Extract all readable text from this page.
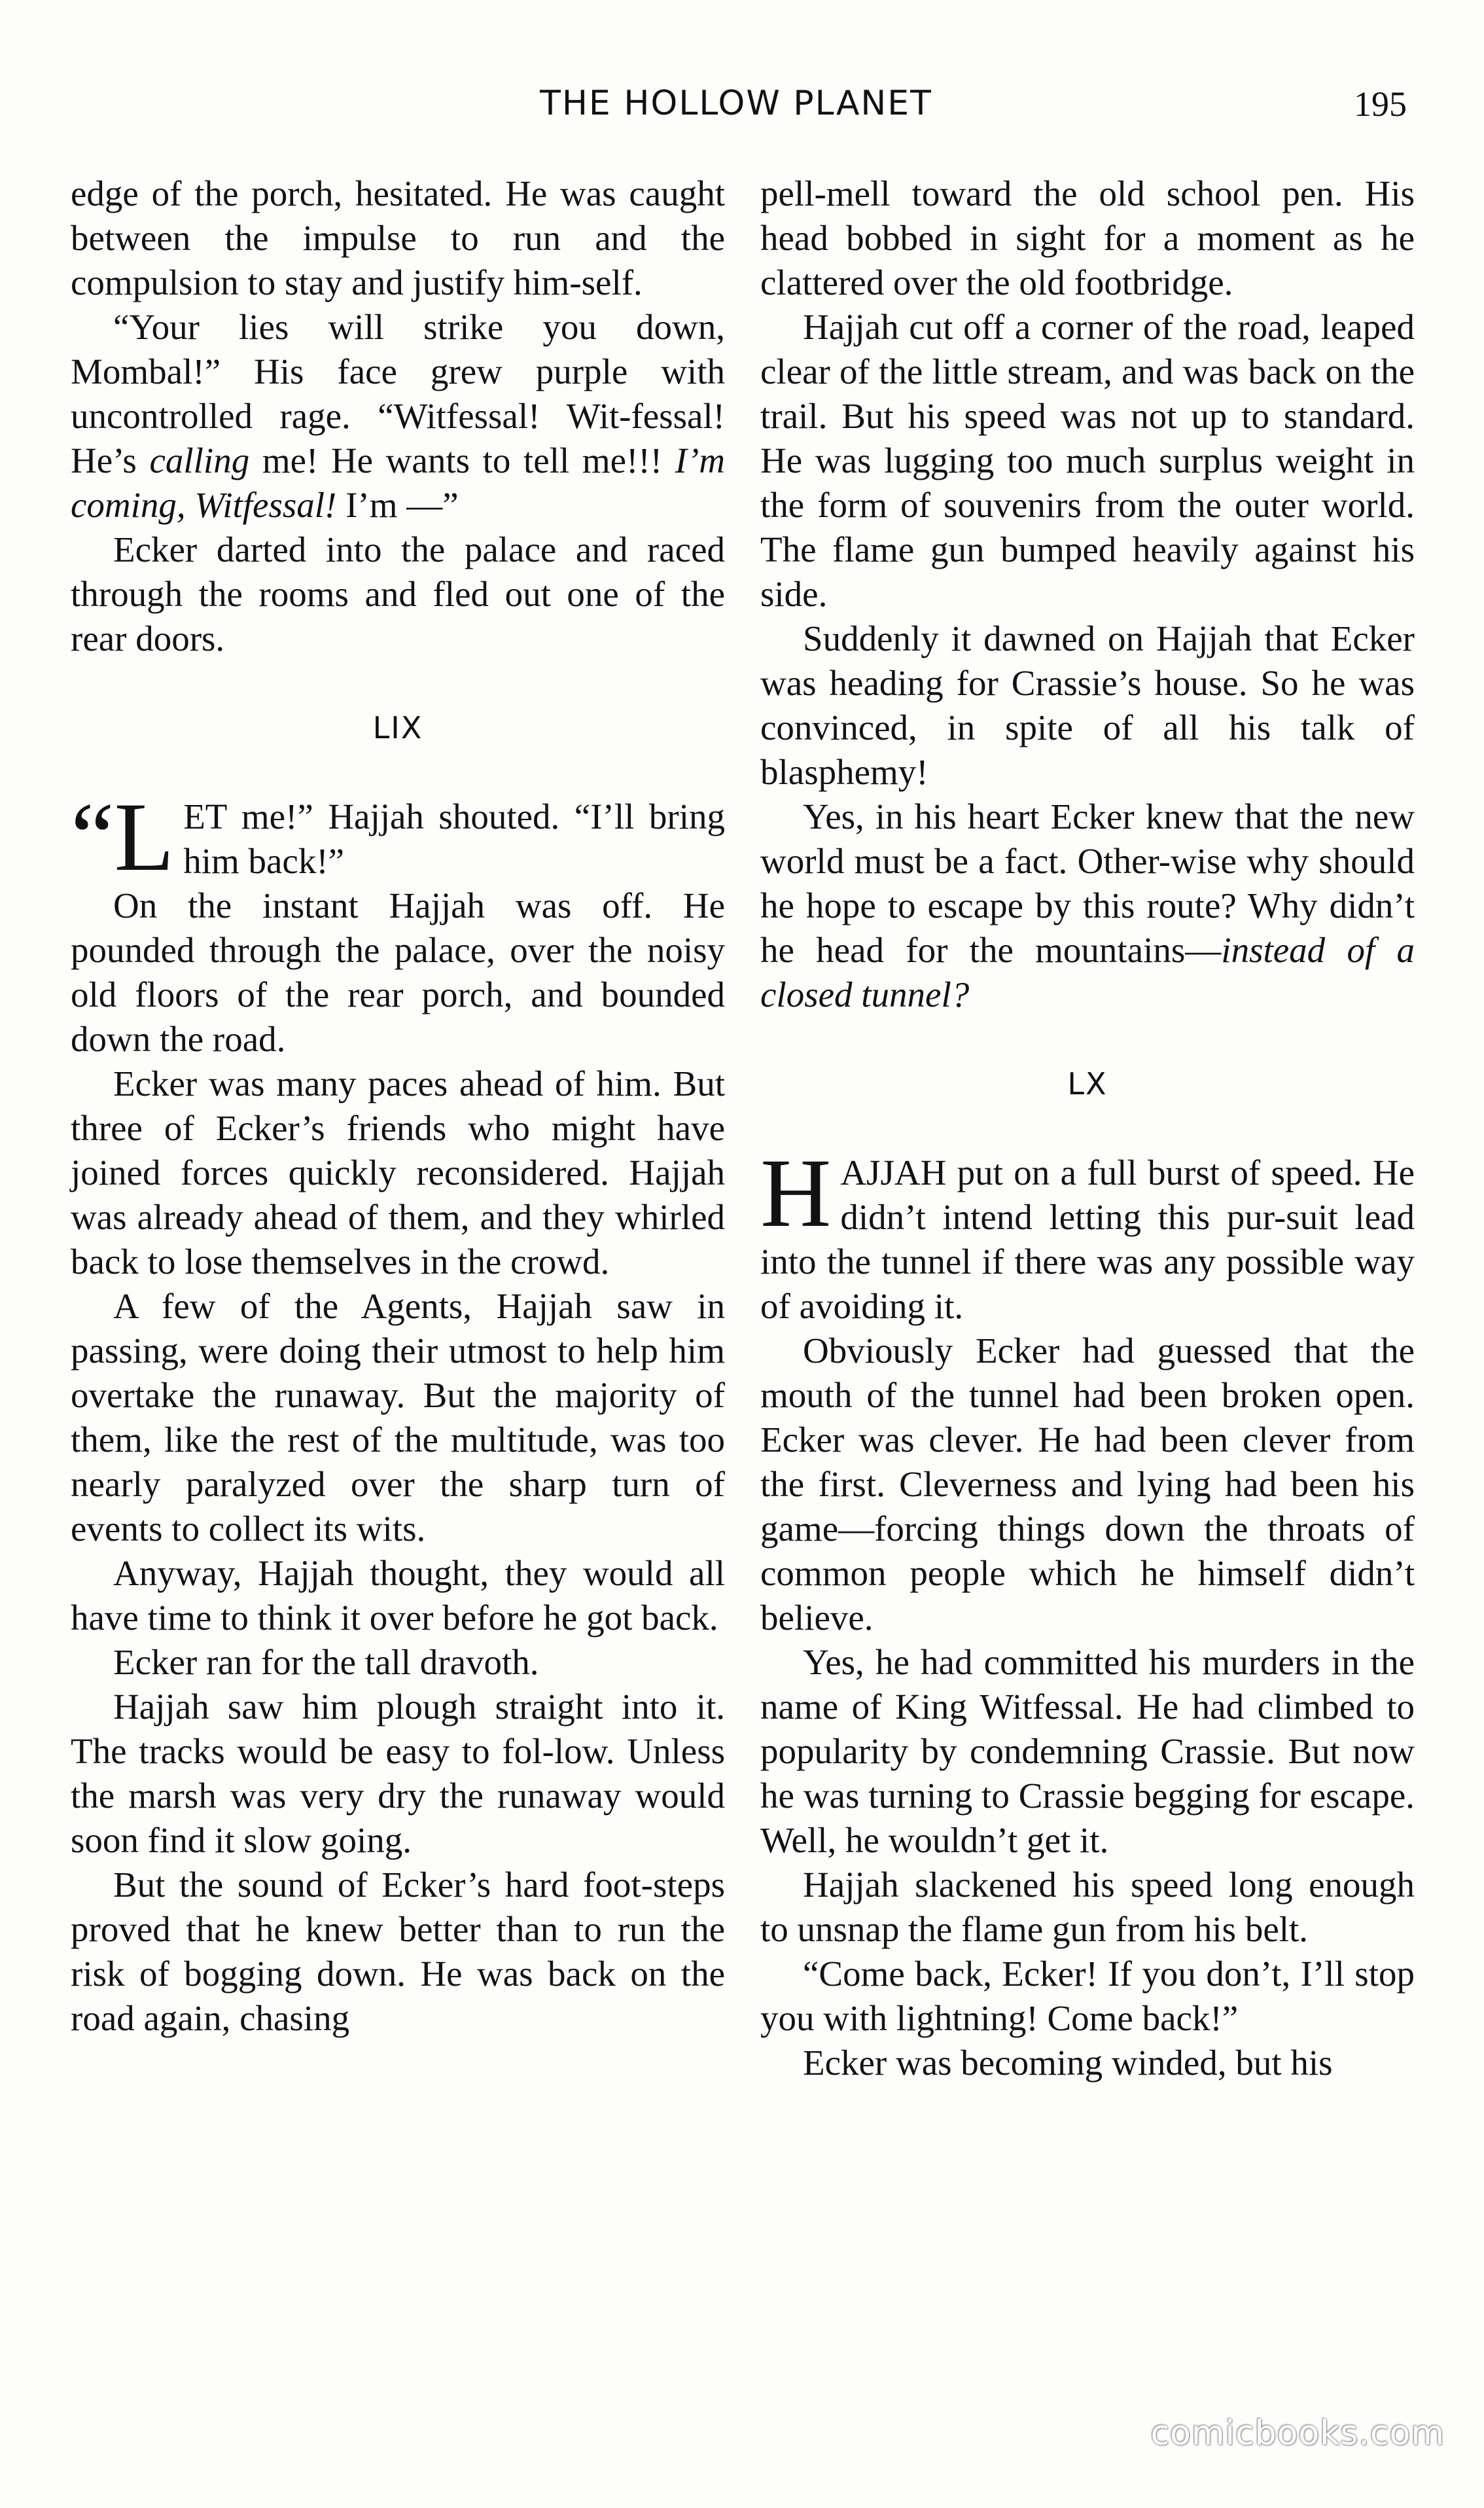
THE HOLLOW PLANET	195

edge of the porch, hesitated. He was caught between the impulse to run and the compulsion to stay and justify him-self.

“Your lies will strike you down, Mombal!” His face grew purple with uncontrolled rage. “Witfessal! Wit-fessal! He’s calling me! He wants to tell me!!! I’m coming, Witfessal! I’m —”

Ecker darted into the palace and raced through the rooms and fled out one of the rear doors.

LIX

“LET me!” Hajjah shouted. “I’ll bring him back!”

On the instant Hajjah was off. He pounded through the palace, over the noisy old floors of the rear porch, and bounded down the road.

Ecker was many paces ahead of him. But three of Ecker’s friends who might have joined forces quickly reconsidered. Hajjah was already ahead of them, and they whirled back to lose themselves in the crowd.

A few of the Agents, Hajjah saw in passing, were doing their utmost to help him overtake the runaway. But the majority of them, like the rest of the multitude, was too nearly paralyzed over the sharp turn of events to collect its wits.

Anyway, Hajjah thought, they would all have time to think it over before he got back.

Ecker ran for the tall dravoth.

Hajjah saw him plough straight into it. The tracks would be easy to fol-low. Unless the marsh was very dry the runaway would soon find it slow going.

But the sound of Ecker’s hard foot-steps proved that he knew better than to run the risk of bogging down. He was back on the road again, chasing

pell-mell toward the old school pen. His head bobbed in sight for a moment as he clattered over the old footbridge.

Hajjah cut off a corner of the road, leaped clear of the little stream, and was back on the trail. But his speed was not up to standard. He was lugging too much surplus weight in the form of souvenirs from the outer world. The flame gun bumped heavily against his side.

Suddenly it dawned on Hajjah that Ecker was heading for Crassie’s house. So he was convinced, in spite of all his talk of blasphemy!

Yes, in his heart Ecker knew that the new world must be a fact. Other-wise why should he hope to escape by this route? Why didn’t he head for the mountains—instead of a closed tunnel?

LX

HAJJAH put on a full burst of speed. He didn’t intend letting this pur-suit lead into the tunnel if there was any possible way of avoiding it.

Obviously Ecker had guessed that the mouth of the tunnel had been broken open. Ecker was clever. He had been clever from the first. Cleverness and lying had been his game—forcing things down the throats of common people which he himself didn’t believe.

Yes, he had committed his murders in the name of King Witfessal. He had climbed to popularity by condemning Crassie. But now he was turning to Crassie begging for escape. Well, he wouldn’t get it.

Hajjah slackened his speed long enough to unsnap the flame gun from his belt.

“Come back, Ecker! If you don’t, I’ll stop you with lightning! Come back!”

Ecker was becoming winded, but his

comicbooks.com
